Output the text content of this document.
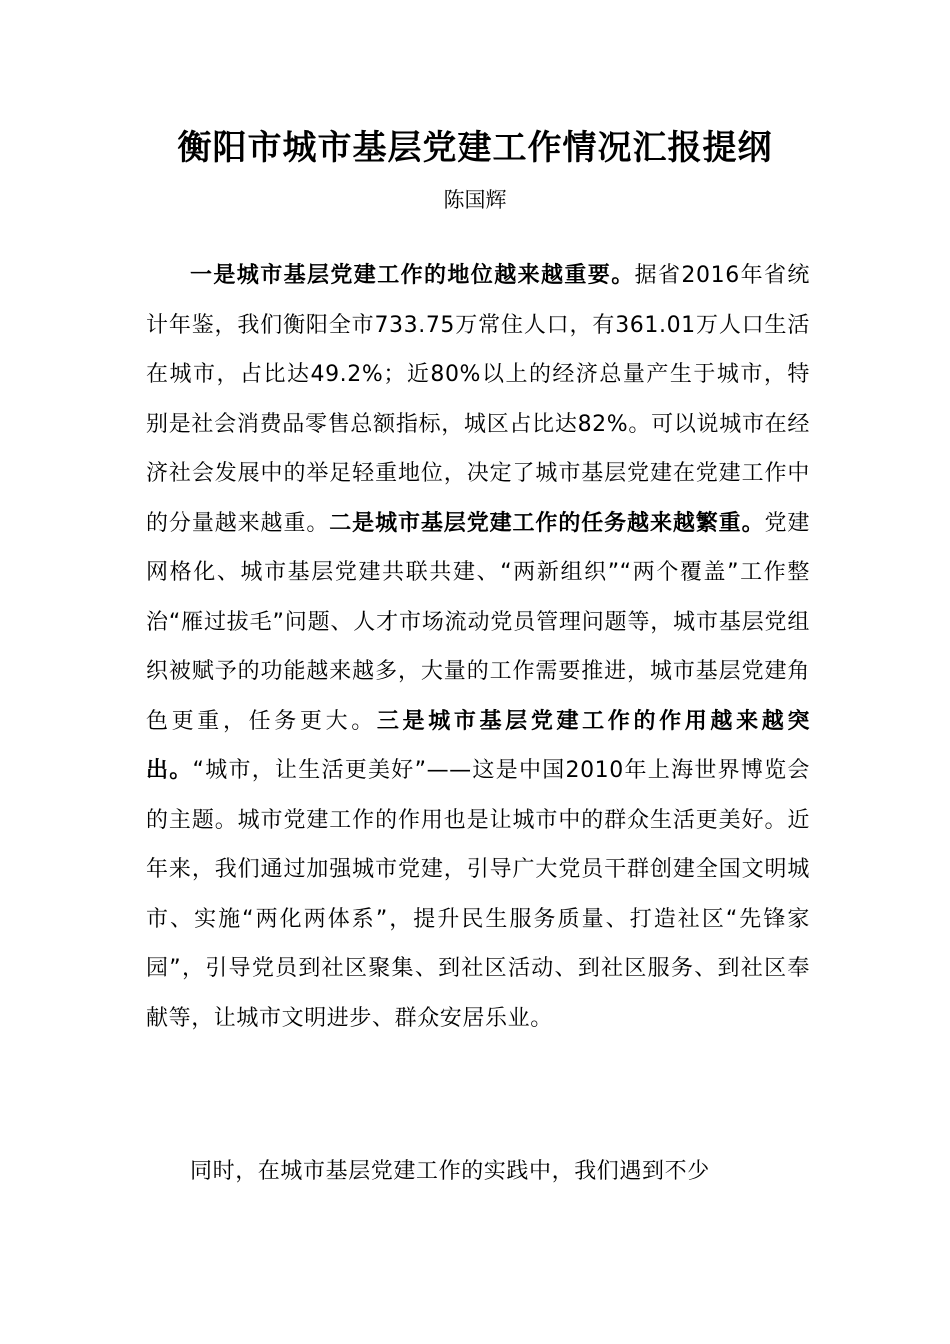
衡阳市城市基层党建工作情况汇报提纲
陈国辉

一是城市基层党建工作的地位越来越重要。据省2016年省统计年鉴，我们衡阳全市733.75万常住人口，有361.01万人口生活在城市，占比达49.2%；近80%以上的经济总量产生于城市，特别是社会消费品零售总额指标，城区占比达82%。可以说城市在经济社会发展中的举足轻重地位，决定了城市基层党建在党建工作中的分量越来越重。二是城市基层党建工作的任务越来越繁重。党建网格化、城市基层党建共联共建、“两新组织”“两个覆盖”工作整治“雁过拔毛”问题、人才市场流动党员管理问题等，城市基层党组织被赋予的功能越来越多，大量的工作需要推进，城市基层党建角色更重，任务更大。三是城市基层党建工作的作用越来越突出。“城市，让生活更美好”——这是中国2010年上海世界博览会的主题。城市党建工作的作用也是让城市中的群众生活更美好。近年来，我们通过加强城市党建，引导广大党员干群创建全国文明城市、实施“两化两体系”，提升民生服务质量、打造社区“先锋家园”，引导党员到社区聚集、到社区活动、到社区服务、到社区奉献等，让城市文明进步、群众安居乐业。

同时，在城市基层党建工作的实践中，我们遇到不少
